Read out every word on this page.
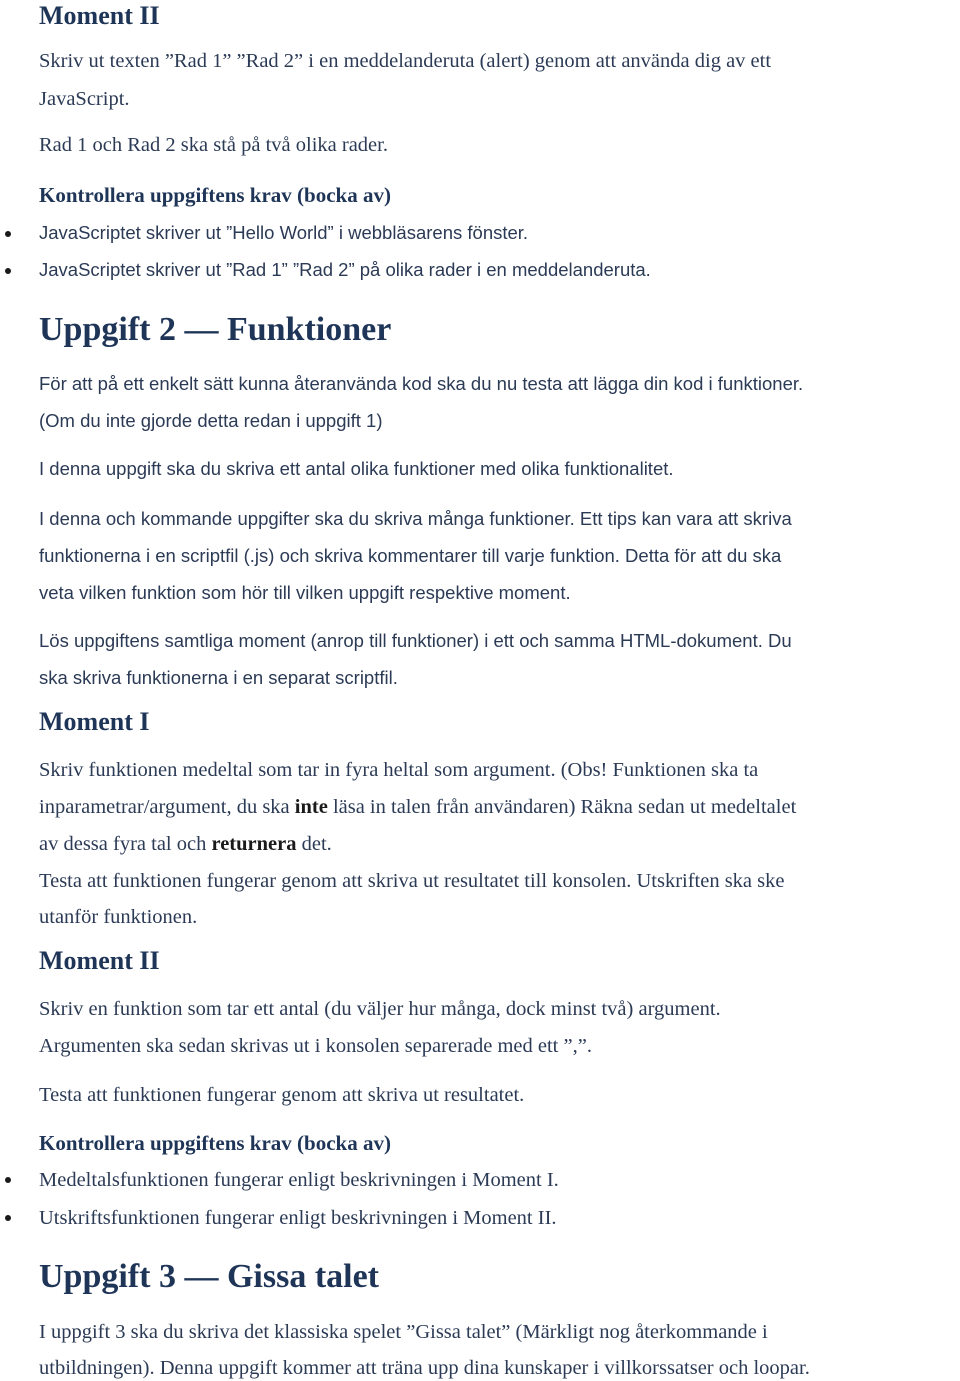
Moment II
Skriv ut texten ”Rad 1” ”Rad 2” i en meddelanderuta (alert) genom att använda dig av ett
JavaScript.
Rad 1 och Rad 2 ska stå på två olika rader.
Kontrollera uppgiftens krav (bocka av)
JavaScriptet skriver ut ”Hello World” i webbläsarens fönster.
JavaScriptet skriver ut ”Rad 1” ”Rad 2” på olika rader i en meddelanderuta.
Uppgift 2 — Funktioner
För att på ett enkelt sätt kunna återanvända kod ska du nu testa att lägga din kod i funktioner.
(Om du inte gjorde detta redan i uppgift 1)
I denna uppgift ska du skriva ett antal olika funktioner med olika funktionalitet.
I denna och kommande uppgifter ska du skriva många funktioner. Ett tips kan vara att skriva
funktionerna i en scriptfil (.js) och skriva kommentarer till varje funktion. Detta för att du ska
veta vilken funktion som hör till vilken uppgift respektive moment.
Lös uppgiftens samtliga moment (anrop till funktioner) i ett och samma HTML-dokument. Du
ska skriva funktionerna i en separat scriptfil.
Moment I
Skriv funktionen medeltal som tar in fyra heltal som argument. (Obs! Funktionen ska ta
inparametrar/argument, du ska inte läsa in talen från användaren) Räkna sedan ut medeltalet
av dessa fyra tal och returnera det.
Testa att funktionen fungerar genom att skriva ut resultatet till konsolen. Utskriften ska ske
utanför funktionen.
Moment II
Skriv en funktion som tar ett antal (du väljer hur många, dock minst två) argument.
Argumenten ska sedan skrivas ut i konsolen separerade med ett ”,”.
Testa att funktionen fungerar genom att skriva ut resultatet.
Kontrollera uppgiftens krav (bocka av)
Medeltalsfunktionen fungerar enligt beskrivningen i Moment I.
Utskriftsfunktionen fungerar enligt beskrivningen i Moment II.
Uppgift 3 — Gissa talet
I uppgift 3 ska du skriva det klassiska spelet ”Gissa talet” (Märkligt nog återkommande i
utbildningen). Denna uppgift kommer att träna upp dina kunskaper i villkorssatser och loopar.
